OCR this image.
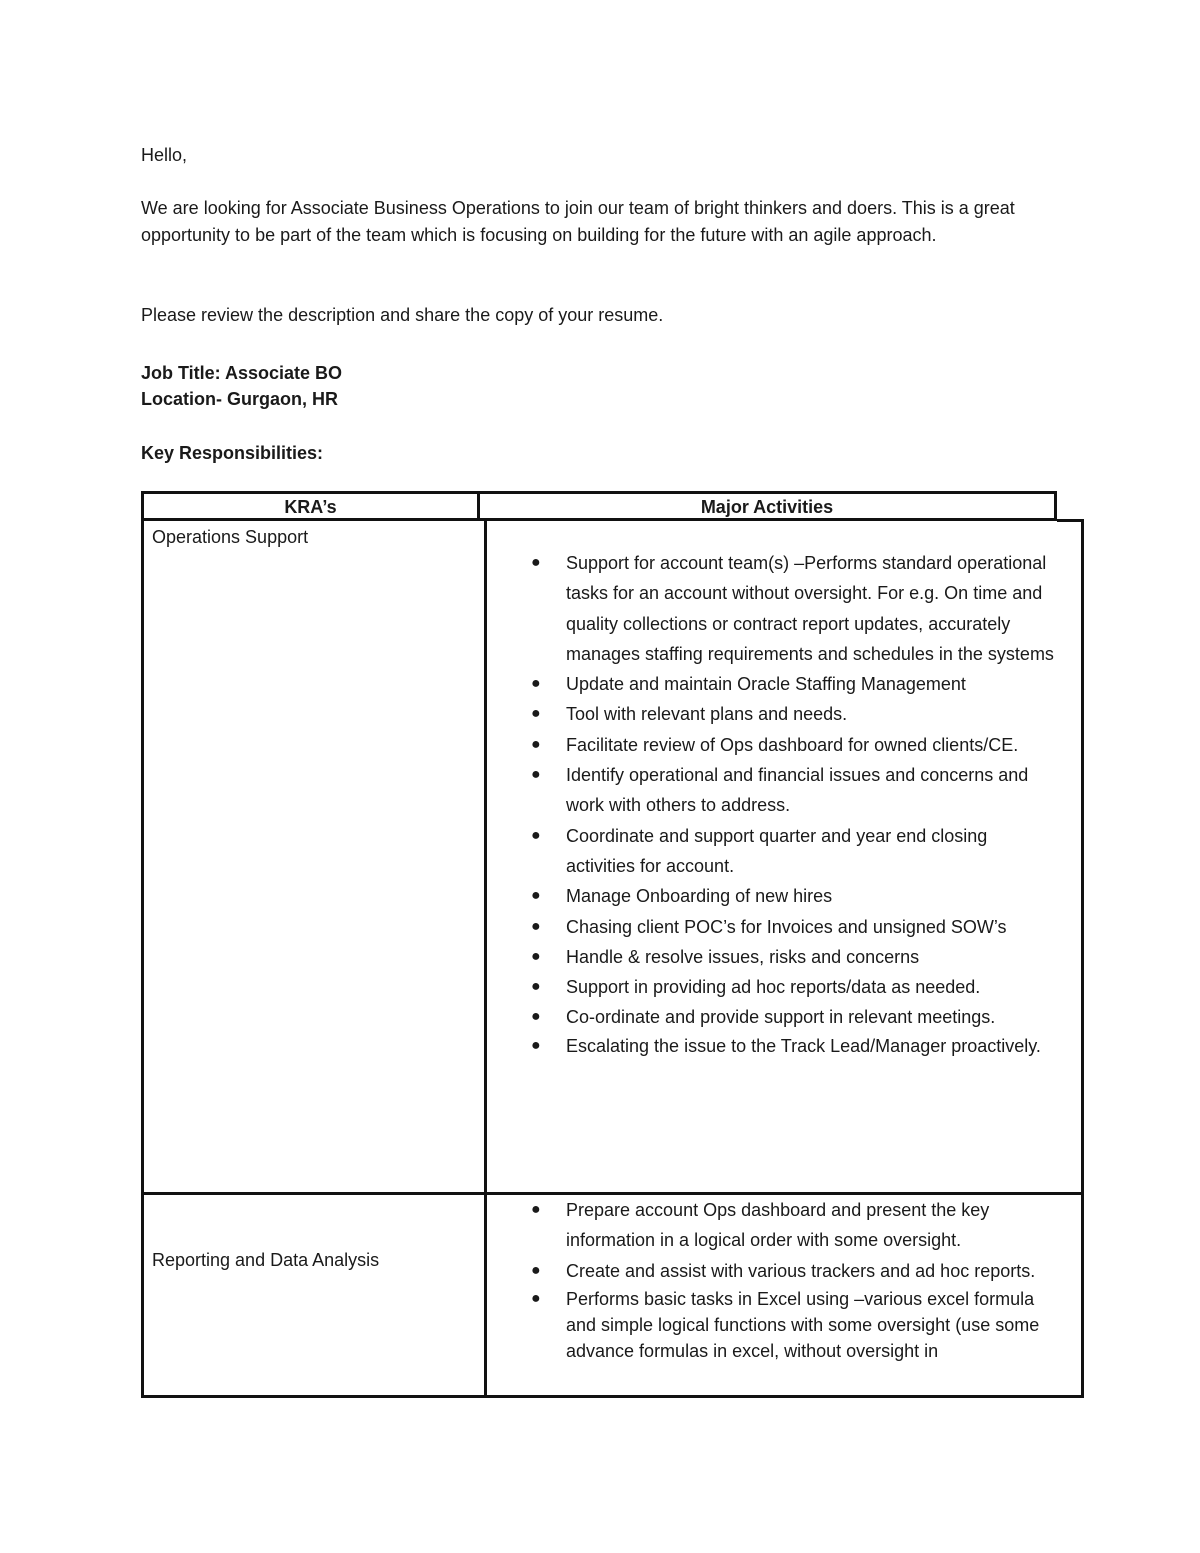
Hello,

We are looking for Associate Business Operations to join our team of bright thinkers and doers. This is a great opportunity to be part of the team which is focusing on building for the future with an agile approach.

Please review the description and share the copy of your resume.

Job Title: Associate BO

Location- Gurgaon, HR

Key Responsibilities:

KRA’s	Major Activities
Operations Support
● Support for account team(s) –Performs standard operational tasks for an account without oversight. For e.g. On time and quality collections or contract report updates, accurately manages staffing requirements and schedules in the systems
● Update and maintain Oracle Staffing Management
● Tool with relevant plans and needs.
● Facilitate review of Ops dashboard for owned clients/CE.
● Identify operational and financial issues and concerns and work with others to address.
● Coordinate and support quarter and year end closing activities for account.
● Manage Onboarding of new hires
● Chasing client POC’s for Invoices and unsigned SOW’s
● Handle & resolve issues, risks and concerns
● Support in providing ad hoc reports/data as needed.
● Co-ordinate and provide support in relevant meetings.
● Escalating the issue to the Track Lead/Manager proactively.
Reporting and Data Analysis
● Prepare account Ops dashboard and present the key information in a logical order with some oversight.
● Create and assist with various trackers and ad hoc reports.
● Performs basic tasks in Excel using –various excel formula and simple logical functions with some oversight (use some advance formulas in excel, without oversight in
